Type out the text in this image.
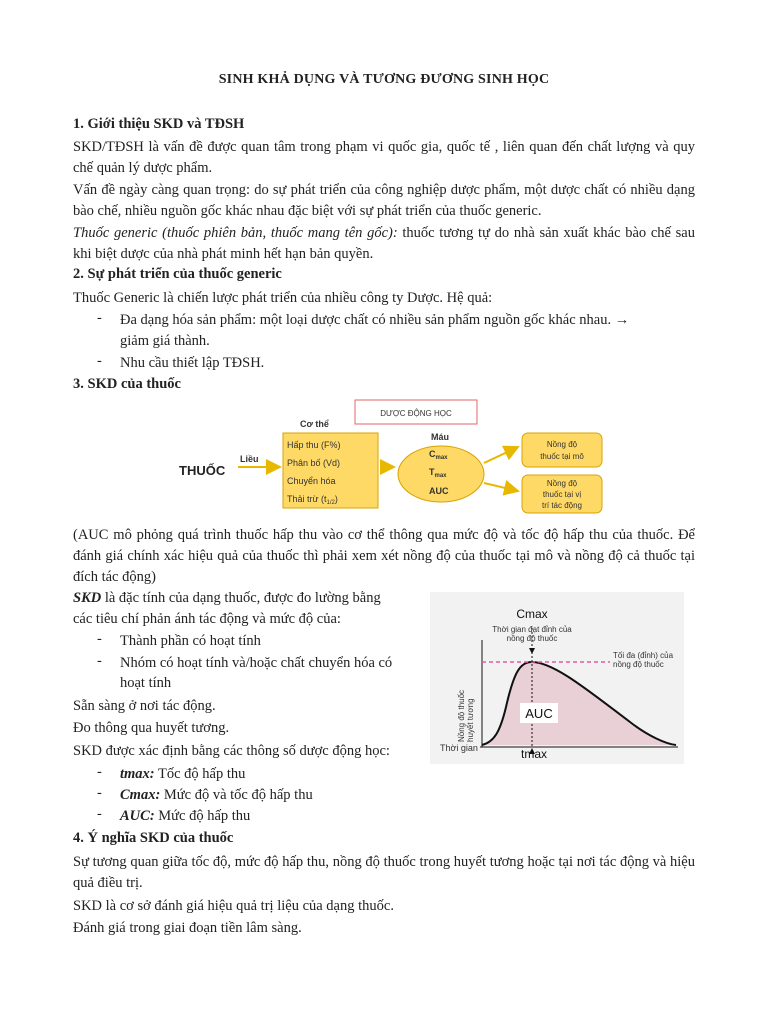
SINH KHẢ DỤNG VÀ TƯƠNG ĐƯƠNG SINH HỌC
1. Giới thiệu SKD và TĐSH
SKD/TĐSH là vấn đề được quan tâm trong phạm vi quốc gia, quốc tế , liên quan đến chất lượng và quy chế quản lý dược phẩm.
Vấn đề ngày càng quan trọng: do sự phát triển của công nghiệp dược phẩm, một dược chất có nhiều dạng bào chế, nhiều nguồn gốc khác nhau đặc biệt với sự phát triển của thuốc generic.
Thuốc generic (thuốc phiên bản, thuốc mang tên gốc): thuốc tương tự do nhà sản xuất khác bào chế sau khi biệt dược của nhà phát minh hết hạn bản quyền.
2. Sự phát triển của thuốc generic
Thuốc Generic là chiến lược phát triển của nhiều công ty Dược. Hệ quả:
- Đa dạng hóa sản phẩm: một loại dược chất có nhiều sản phẩm nguồn gốc khác nhau. →
giảm giá thành.
- Nhu cầu thiết lập TĐSH.
3. SKD của thuốc
DƯỢC ĐỘNG HỌC
THUỐC
Liều
Cơ thể
Hấp thu (F%)
Phân bố (Vd)
Chuyển hóa
Thải trừ $(t_{1/2})$
Máu
$C_{max}$
$T_{max}$
AUC
Nồng độ
thuốc tại mô
Nồng độ
thuốc tại vị
trí tác động
(AUC mô phỏng quá trình thuốc hấp thu vào cơ thể thông qua mức độ và tốc độ hấp thu của thuốc. Để đánh giá chính xác hiệu quả của thuốc thì phải xem xét nồng độ của thuốc tại mô và nồng độ cả thuốc tại đích tác động)
SKD là đặc tính của dạng thuốc, được đo lường bằng
các tiêu chí phản ánh tác động và mức độ của:
- Thành phần có hoạt tính
- Nhóm có hoạt tính và/hoặc chất chuyển hóa có
hoạt tính
Sẵn sàng ở nơi tác động.
Đo thông qua huyết tương.
SKD được xác định bằng các thông số dược động học:
- tmax: Tốc độ hấp thu
- Cmax: Mức độ và tốc độ hấp thu
- AUC: Mức độ hấp thu
Cmax
Thời gian đạt đỉnh của
nồng độ thuốc
Tối đa (đỉnh) của
nồng độ thuốc
Nồng độ thuốc huyết tương	AUC
Thời gian	tmax
4. Ý nghĩa SKD của thuốc
Sự tương quan giữa tốc độ, mức độ hấp thu, nồng độ thuốc trong huyết tương hoặc tại nơi tác động và hiệu quả điều trị.
SKD là cơ sở đánh giá hiệu quả trị liệu của dạng thuốc.
Đánh giá trong giai đoạn tiền lâm sàng.
